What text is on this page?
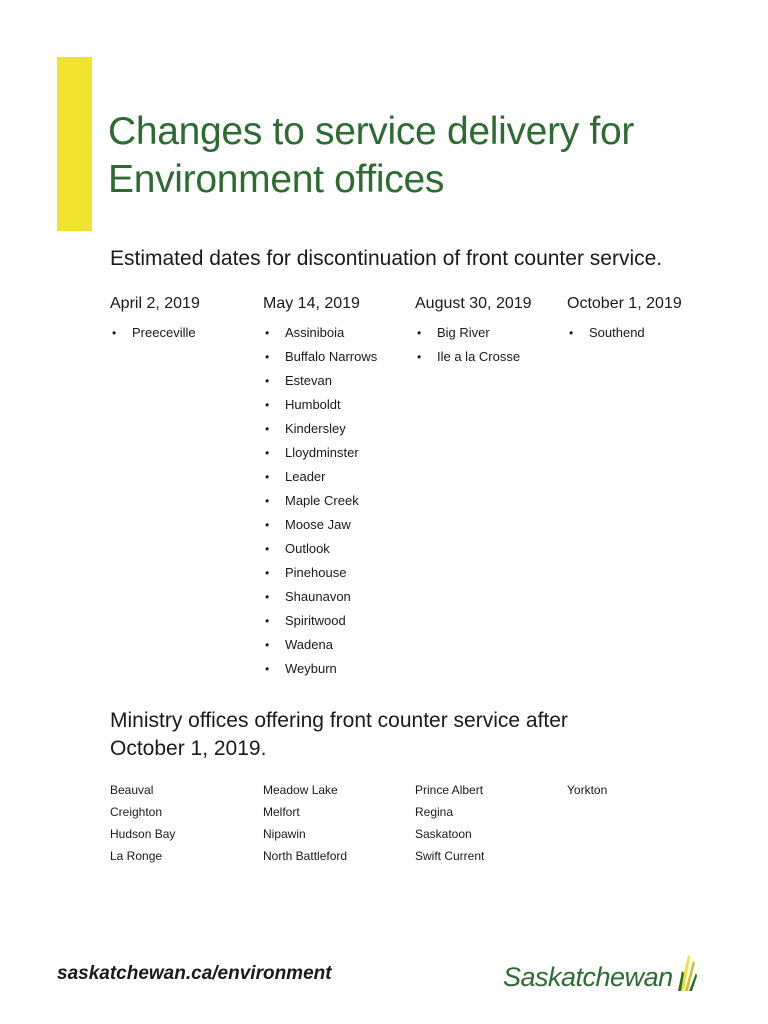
Changes to service delivery for Environment offices
Estimated dates for discontinuation of front counter service.
April 2, 2019
• Preeceville
May 14, 2019
• Assiniboia
• Buffalo Narrows
• Estevan
• Humboldt
• Kindersley
• Lloydminster
• Leader
• Maple Creek
• Moose Jaw
• Outlook
• Pinehouse
• Shaunavon
• Spiritwood
• Wadena
• Weyburn
August 30, 2019
• Big River
• Ile a la Crosse
October 1, 2019
• Southend
Ministry offices offering front counter service after October 1, 2019.
Beauval
Creighton
Hudson Bay
La Ronge
Meadow Lake
Melfort
Nipawin
North Battleford
Prince Albert
Regina
Saskatoon
Swift Current
Yorkton
saskatchewan.ca/environment	Saskatchewan
